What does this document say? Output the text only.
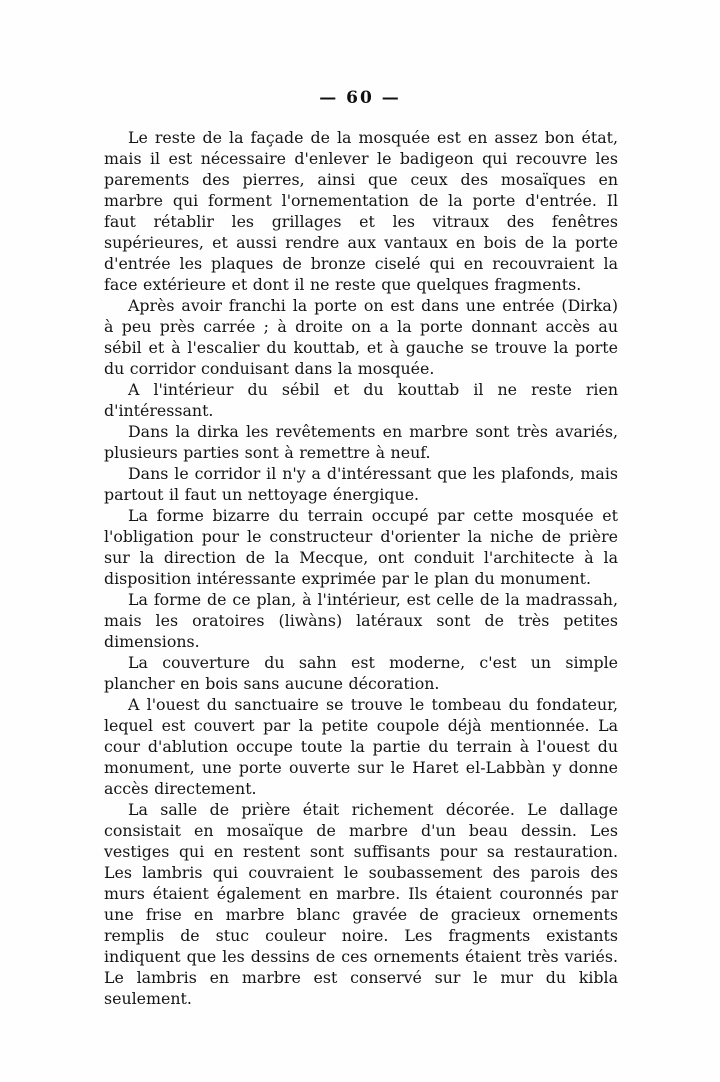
— 60 —

Le reste de la façade de la mosquée est en assez bon état, mais il est nécessaire d'enlever le badigeon qui recouvre les parements des pierres, ainsi que ceux des mosaïques en marbre qui forment l'ornementation de la porte d'entrée. Il faut rétablir les grillages et les vitraux des fenêtres supérieures, et aussi rendre aux vantaux en bois de la porte d'entrée les plaques de bronze ciselé qui en recouvraient la face extérieure et dont il ne reste que quelques fragments.

Après avoir franchi la porte on est dans une entrée (Dirka) à peu près carrée ; à droite on a la porte donnant accès au sébil et à l'escalier du kouttab, et à gauche se trouve la porte du corridor conduisant dans la mosquée.

A l'intérieur du sébil et du kouttab il ne reste rien d'intéressant.

Dans la dirka les revêtements en marbre sont très avariés, plusieurs parties sont à remettre à neuf.

Dans le corridor il n'y a d'intéressant que les plafonds, mais partout il faut un nettoyage énergique.

La forme bizarre du terrain occupé par cette mosquée et l'obligation pour le constructeur d'orienter la niche de prière sur la direction de la Mecque, ont conduit l'architecte à la disposition intéressante exprimée par le plan du monument.

La forme de ce plan, à l'intérieur, est celle de la madrassah, mais les oratoires (liwàns) latéraux sont de très petites dimensions.

La couverture du sahn est moderne, c'est un simple plancher en bois sans aucune décoration.

A l'ouest du sanctuaire se trouve le tombeau du fondateur, lequel est couvert par la petite coupole déjà mentionnée. La cour d'ablution occupe toute la partie du terrain à l'ouest du monument, une porte ouverte sur le Haret el-Labbàn y donne accès directement.

La salle de prière était richement décorée. Le dallage consistait en mosaïque de marbre d'un beau dessin. Les vestiges qui en restent sont suffisants pour sa restauration. Les lambris qui couvraient le soubassement des parois des murs étaient également en marbre. Ils étaient couronnés par une frise en marbre blanc gravée de gracieux ornements remplis de stuc couleur noire. Les fragments existants indiquent que les dessins de ces ornements étaient très variés. Le lambris en marbre est conservé sur le mur du kibla seulement.
